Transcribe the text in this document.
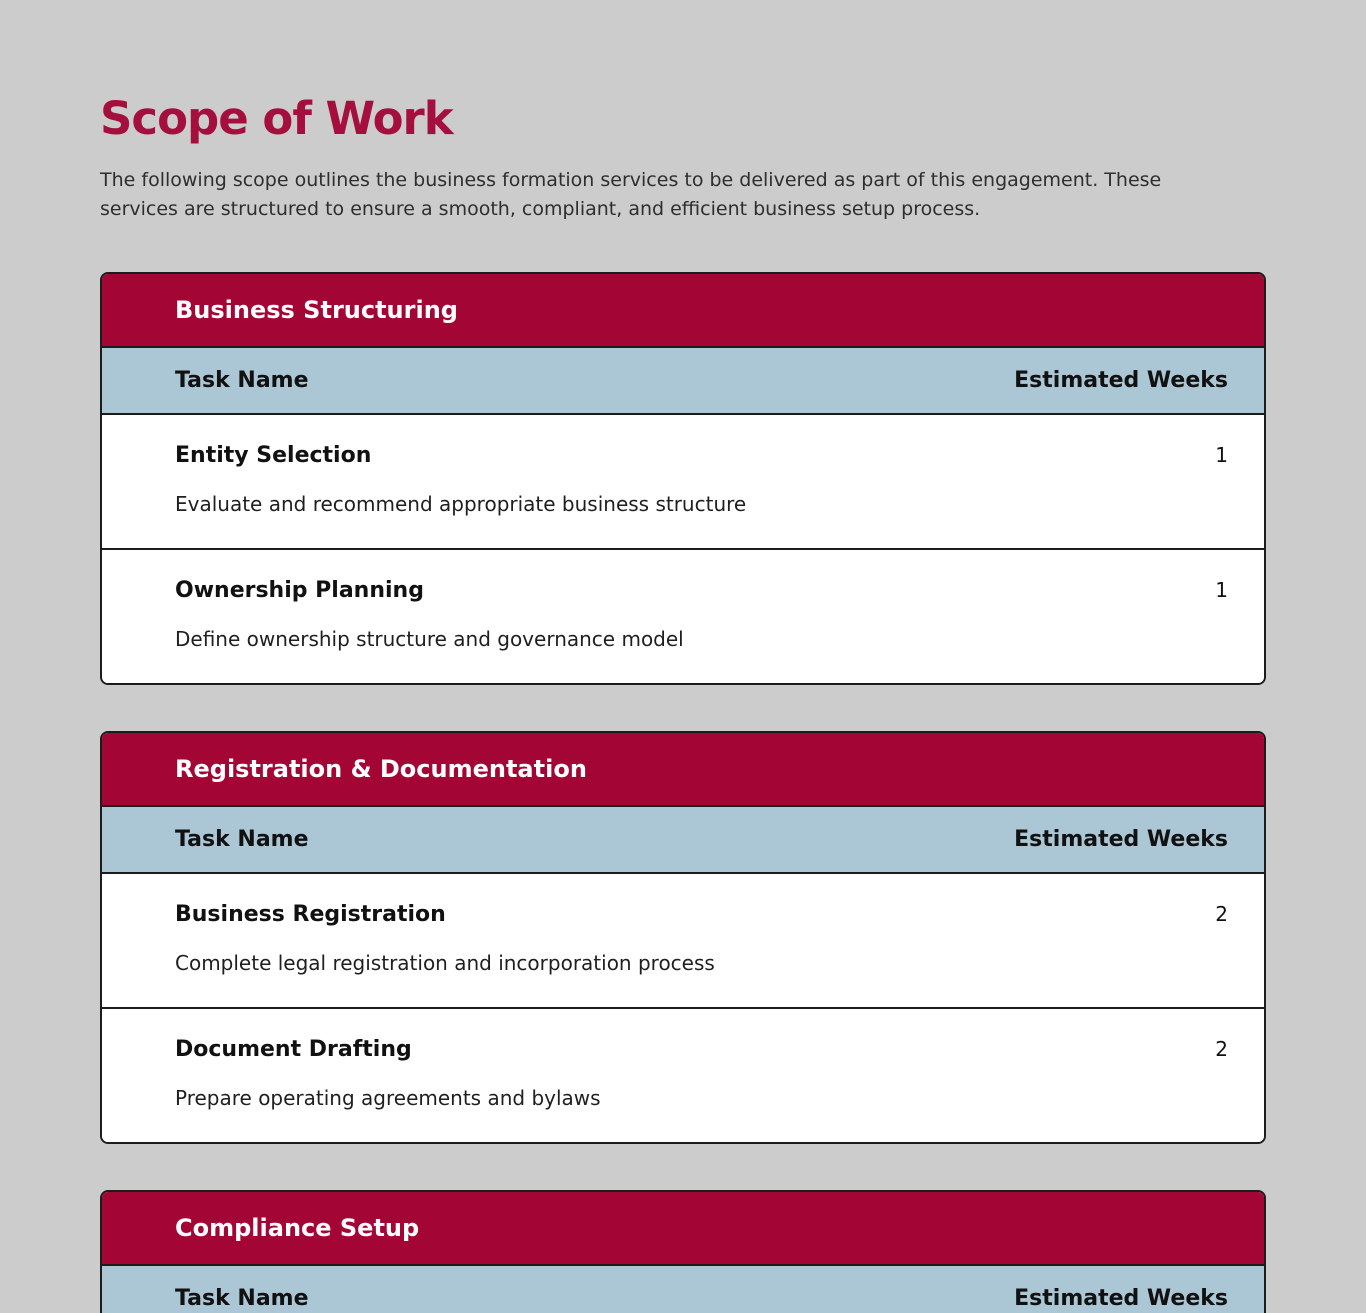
Scope of Work

The following scope outlines the business formation services to be delivered as part of this engagement. These services are structured to ensure a smooth, compliant, and efficient business setup process.

Business Structuring
Task Name	Estimated Weeks
Entity Selection	1
Evaluate and recommend appropriate business structure
Ownership Planning	1
Define ownership structure and governance model
Registration & Documentation
Task Name	Estimated Weeks
Business Registration	2
Complete legal registration and incorporation process
Document Drafting	2
Prepare operating agreements and bylaws
Compliance Setup
Task Name	Estimated Weeks
